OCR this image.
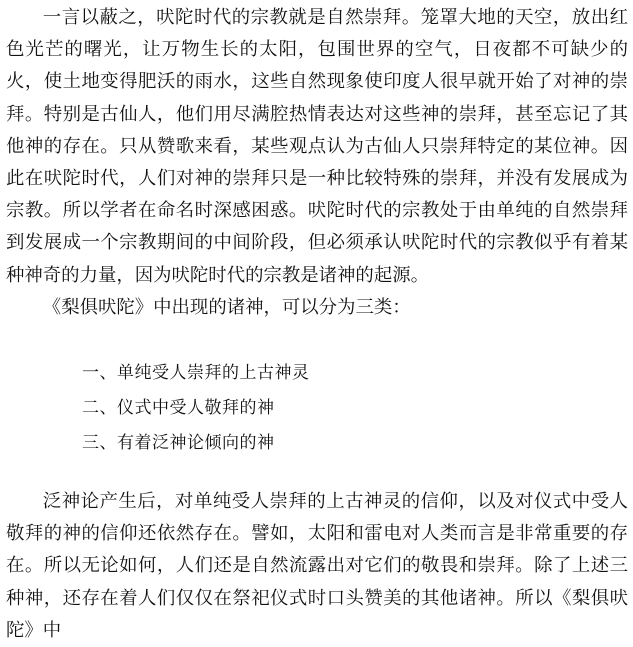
一言以蔽之，吠陀时代的宗教就是自然崇拜。笼罩大地的天空，放出红色光芒的曙光，让万物生长的太阳，包围世界的空气，日夜都不可缺少的火，使土地变得肥沃的雨水，这些自然现象使印度人很早就开始了对神的崇拜。特别是古仙人，他们用尽满腔热情表达对这些神的崇拜，甚至忘记了其他神的存在。只从赞歌来看，某些观点认为古仙人只崇拜特定的某位神。因此在吠陀时代，人们对神的崇拜只是一种比较特殊的崇拜，并没有发展成为宗教。所以学者在命名时深感困惑。吠陀时代的宗教处于由单纯的自然崇拜到发展成一个宗教期间的中间阶段，但必须承认吠陀时代的宗教似乎有着某种神奇的力量，因为吠陀时代的宗教是诸神的起源。

《梨俱吠陀》中出现的诸神，可以分为三类：

一、单纯受人崇拜的上古神灵
二、仪式中受人敬拜的神
三、有着泛神论倾向的神

泛神论产生后，对单纯受人崇拜的上古神灵的信仰，以及对仪式中受人敬拜的神的信仰还依然存在。譬如，太阳和雷电对人类而言是非常重要的存在。所以无论如何，人们还是自然流露出对它们的敬畏和崇拜。除了上述三种神，还存在着人们仅仅在祭祀仪式时口头赞美的其他诸神。所以《梨俱吠陀》中
